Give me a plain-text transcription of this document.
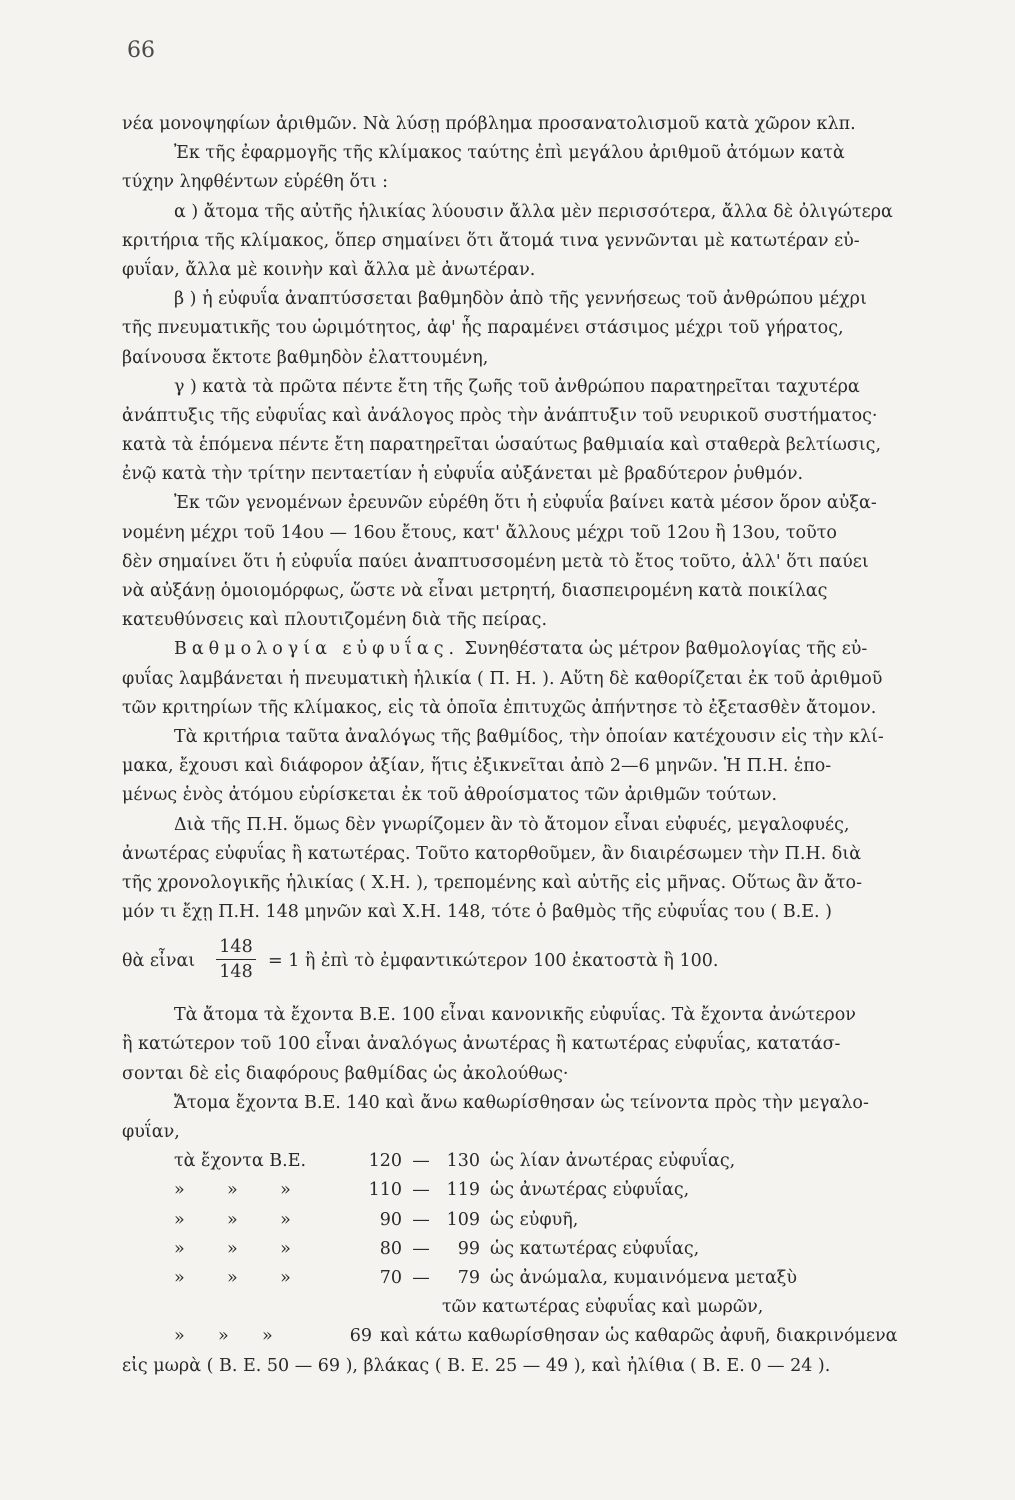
66
νέα μονοψηφίων ἀριθμῶν. Νὰ λύσῃ πρόβλημα προσανατολισμοῦ κατὰ χῶρον κλπ.
Ἐκ τῆς ἐφαρμογῆς τῆς κλίμακος ταύτης ἐπὶ μεγάλου ἀριθμοῦ ἀτόμων κατὰ
τύχην ληφθέντων εὑρέθη ὅτι :
α ) ἄτομα τῆς αὐτῆς ἡλικίας λύουσιν ἄλλα μὲν περισσότερα, ἄλλα δὲ ὀλιγώτερα
κριτήρια τῆς κλίμακος, ὅπερ σημαίνει ὅτι ἄτομά τινα γεννῶνται μὲ κατωτέραν εὐ-
φυΐαν, ἄλλα μὲ κοινὴν καὶ ἄλλα μὲ ἀνωτέραν.
β ) ἡ εὐφυΐα ἀναπτύσσεται βαθμηδὸν ἀπὸ τῆς γεννήσεως τοῦ ἀνθρώπου μέχρι
τῆς πνευματικῆς του ὡριμότητος, ἀφ' ἧς παραμένει στάσιμος μέχρι τοῦ γήρατος,
βαίνουσα ἔκτοτε βαθμηδὸν ἐλαττουμένη,
γ ) κατὰ τὰ πρῶτα πέντε ἔτη τῆς ζωῆς τοῦ ἀνθρώπου παρατηρεῖται ταχυτέρα
ἀνάπτυξις τῆς εὐφυΐας καὶ ἀνάλογος πρὸς τὴν ἀνάπτυξιν τοῦ νευρικοῦ συστήματος·
κατὰ τὰ ἑπόμενα πέντε ἔτη παρατηρεῖται ὡσαύτως βαθμιαία καὶ σταθερὰ βελτίωσις,
ἐνῷ κατὰ τὴν τρίτην πενταετίαν ἡ εὐφυΐα αὐξάνεται μὲ βραδύτερον ῥυθμόν.
Ἐκ τῶν γενομένων ἐρευνῶν εὑρέθη ὅτι ἡ εὐφυΐα βαίνει κατὰ μέσον ὅρον αὐξα-
νομένη μέχρι τοῦ 14ου — 16ου ἔτους, κατ' ἄλλους μέχρι τοῦ 12ου ἢ 13ου, τοῦτο
δὲν σημαίνει ὅτι ἡ εὐφυΐα παύει ἀναπτυσσομένη μετὰ τὸ ἔτος τοῦτο, ἀλλ' ὅτι παύει
νὰ αὐξάνῃ ὁμοιομόρφως, ὥστε νὰ εἶναι μετρητή, διασπειρομένη κατὰ ποικίλας
κατευθύνσεις καὶ πλουτιζομένη διὰ τῆς πείρας.
Βαθμολογία εὐφυΐας. Συνηθέστατα ὡς μέτρον βαθμολογίας τῆς εὐ-
φυΐας λαμβάνεται ἡ πνευματικὴ ἡλικία ( Π. Η. ). Αὕτη δὲ καθορίζεται ἐκ τοῦ ἀριθμοῦ
τῶν κριτηρίων τῆς κλίμακος, εἰς τὰ ὁποῖα ἐπιτυχῶς ἀπήντησε τὸ ἐξετασθὲν ἄτομον.
Τὰ κριτήρια ταῦτα ἀναλόγως τῆς βαθμίδος, τὴν ὁποίαν κατέχουσιν εἰς τὴν κλί-
μακα, ἔχουσι καὶ διάφορον ἀξίαν, ἥτις ἐξικνεῖται ἀπὸ 2—6 μηνῶν. Ἡ Π.Η. ἑπο-
μένως ἑνὸς ἀτόμου εὑρίσκεται ἐκ τοῦ ἀθροίσματος τῶν ἀριθμῶν τούτων.
Διὰ τῆς Π.Η. ὅμως δὲν γνωρίζομεν ἂν τὸ ἄτομον εἶναι εὐφυές, μεγαλοφυές,
ἀνωτέρας εὐφυΐας ἢ κατωτέρας. Τοῦτο κατορθοῦμεν, ἂν διαιρέσωμεν τὴν Π.Η. διὰ
τῆς χρονολογικῆς ἡλικίας ( Χ.Η. ), τρεπομένης καὶ αὐτῆς εἰς μῆνας. Οὕτως ἂν ἄτο-
μόν τι ἔχῃ Π.Η. 148 μηνῶν καὶ Χ.Η. 148, τότε ὁ βαθμὸς τῆς εὐφυΐας του ( Β.Ε. )
θὰ εἶναι $\frac{148}{148} = 1$ ἢ ἐπὶ τὸ ἐμφαντικώτερον 100 ἑκατοστὰ ἢ 100.
Τὰ ἄτομα τὰ ἔχοντα Β.Ε. 100 εἶναι κανονικῆς εὐφυΐας. Τὰ ἔχοντα ἀνώτερον
ἢ κατώτερον τοῦ 100 εἶναι ἀναλόγως ἀνωτέρας ἢ κατωτέρας εὐφυΐας, κατατάσ-
σονται δὲ εἰς διαφόρους βαθμίδας ὡς ἀκολούθως·
Ἄτομα ἔχοντα Β.Ε. 140 καὶ ἄνω καθωρίσθησαν ὡς τείνοντα πρὸς τὴν μεγαλο-
φυΐαν,
τὰ ἔχοντα Β.Ε.			120	—	130	ὡς λίαν ἀνωτέρας εὐφυΐας,
»	»	»	110	—	119	ὡς ἀνωτέρας εὐφυΐας,
»	»	»	90	—	109	ὡς εὐφυῆ,
»	»	»	80	—	99	ὡς κατωτέρας εὐφυΐας,
»	»	»	70	—	79	ὡς ἀνώμαλα, κυμαινόμενα μεταξὺ
τῶν κατωτέρας εὐφυΐας καὶ μωρῶν,
»	»	»	69	καὶ κάτω καθωρίσθησαν ὡς καθαρῶς ἀφυῆ, διακρινόμενα
εἰς μωρὰ ( Β. Ε. 50 — 69 ), βλάκας ( Β. Ε. 25 — 49 ), καὶ ἠλίθια ( Β. Ε. 0 — 24 ).
